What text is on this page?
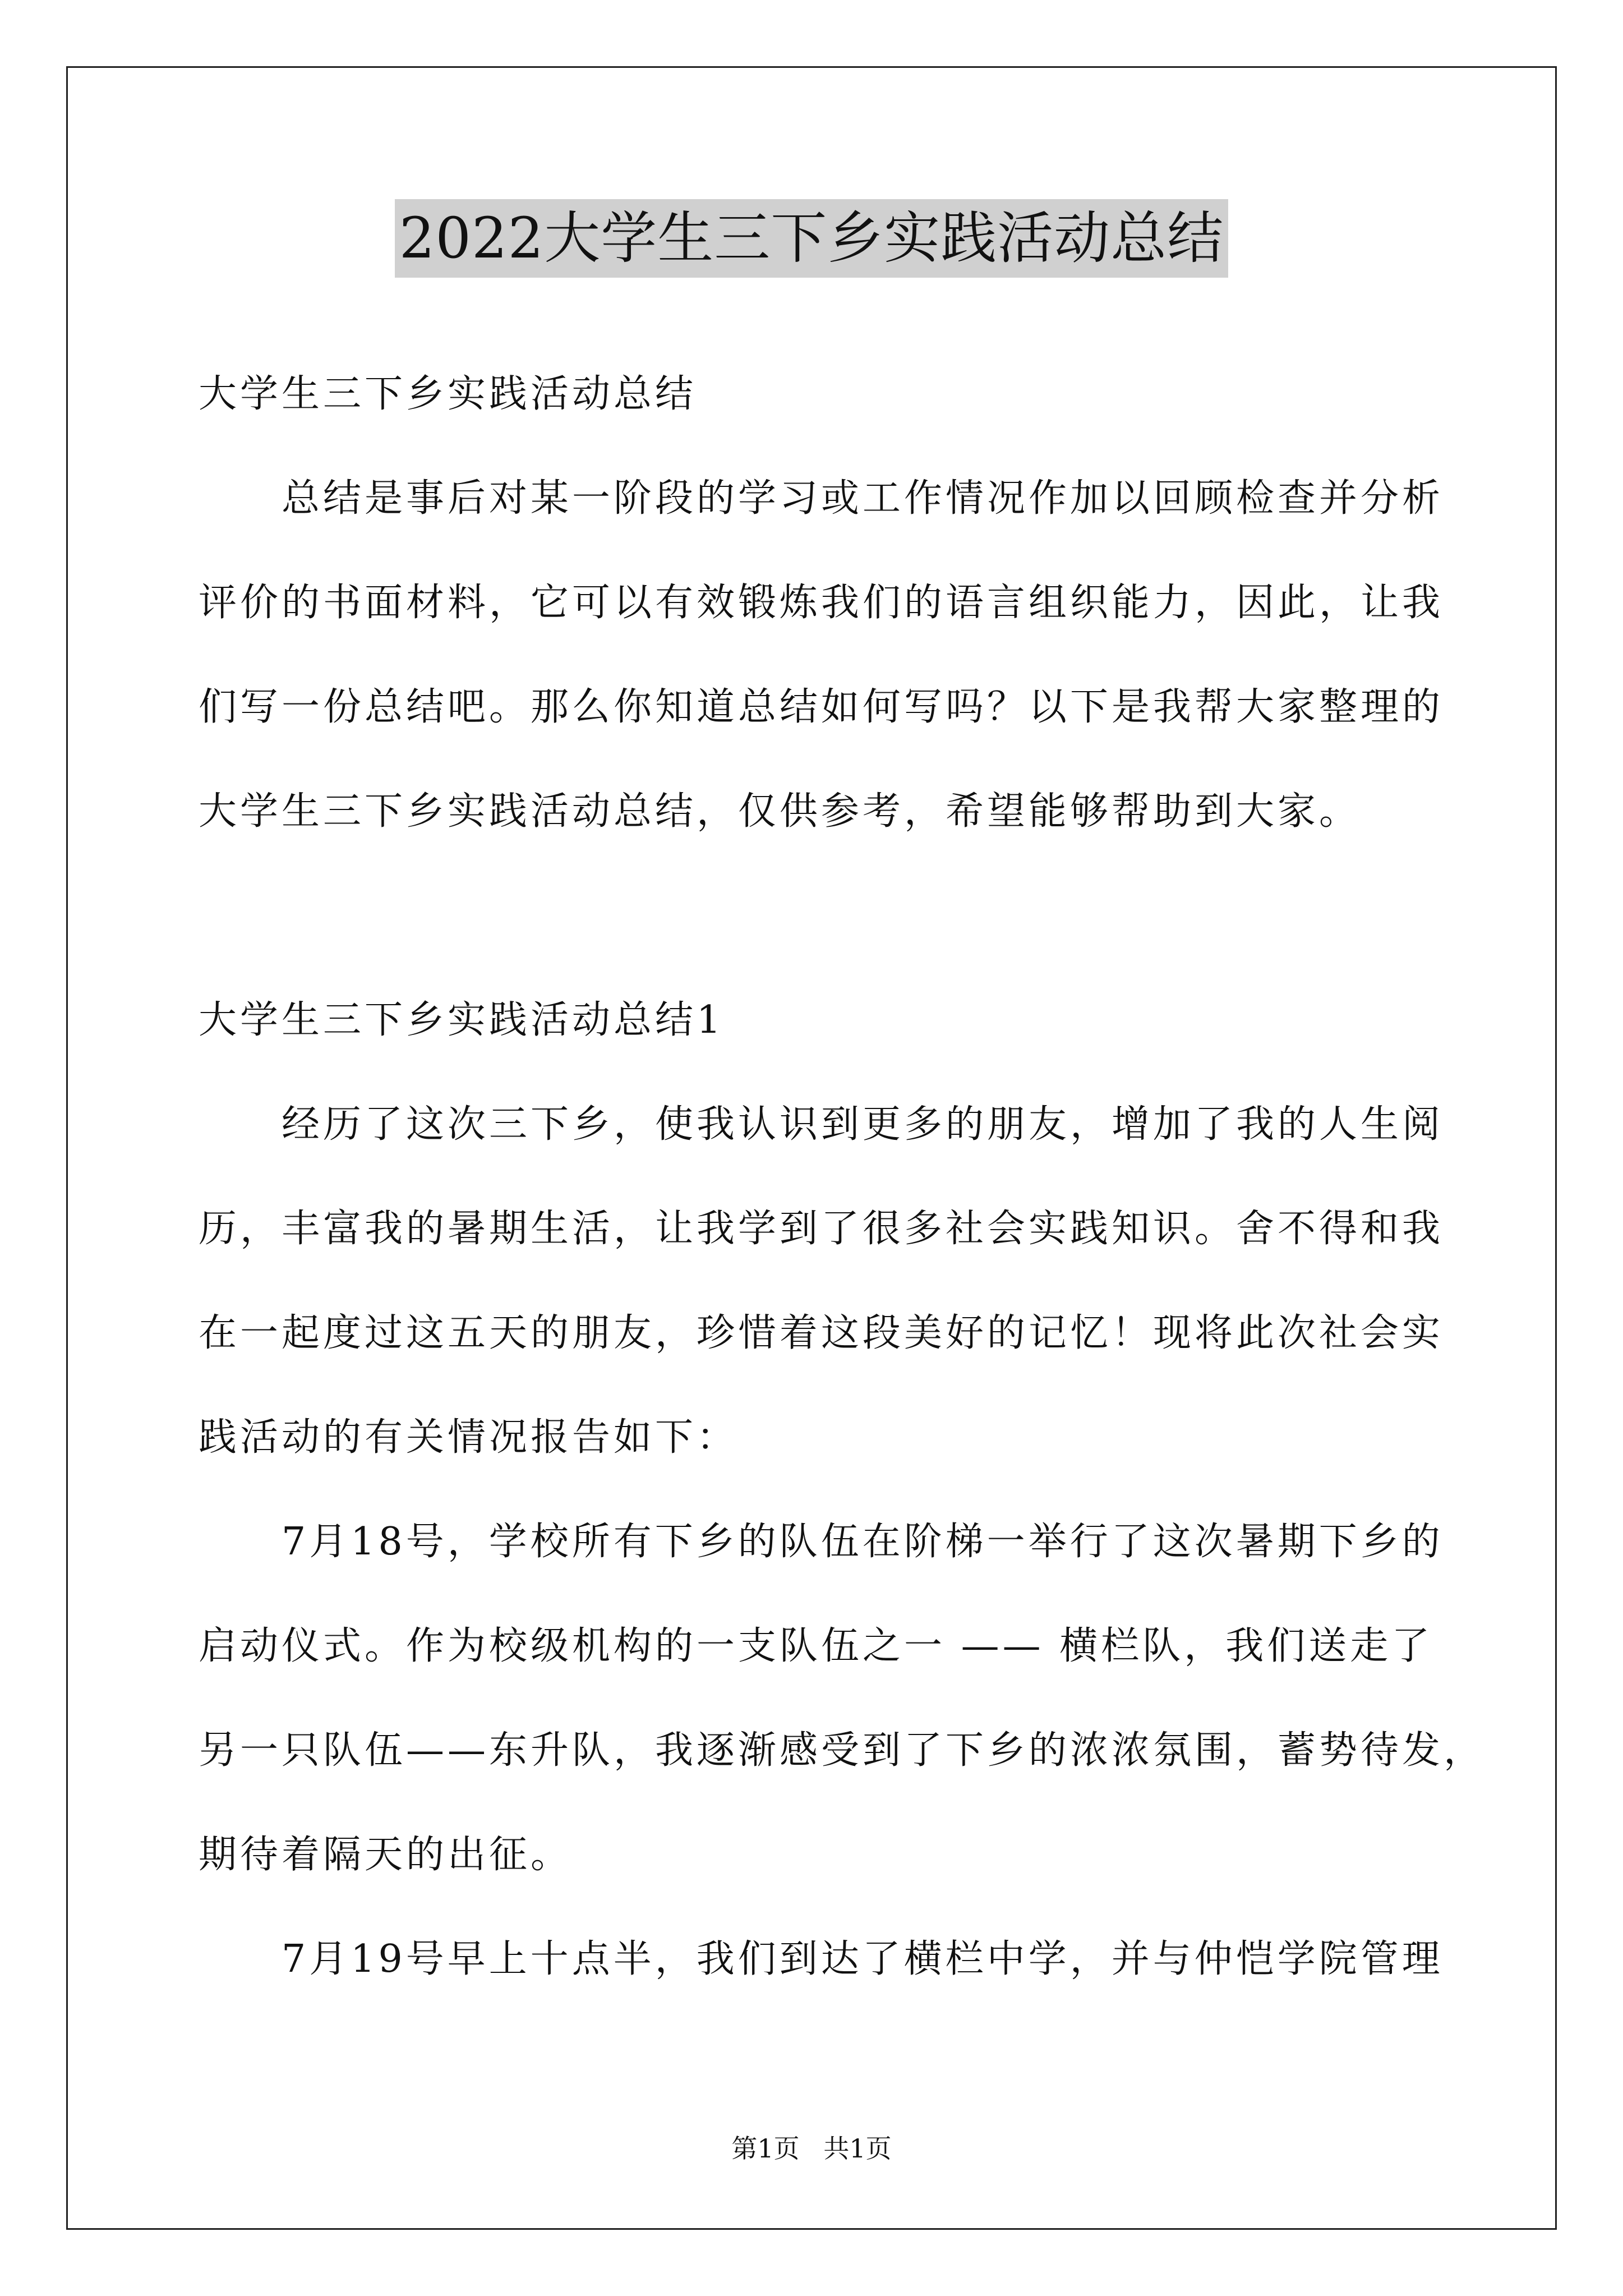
2022大学生三下乡实践活动总结
大学生三下乡实践活动总结
总结是事后对某一阶段的学习或工作情况作加以回顾检查并分析
评价的书面材料，它可以有效锻炼我们的语言组织能力，因此，让我
们写一份总结吧。那么你知道总结如何写吗？以下是我帮大家整理的
大学生三下乡实践活动总结，仅供参考，希望能够帮助到大家。
大学生三下乡实践活动总结1
经历了这次三下乡，使我认识到更多的朋友，增加了我的人生阅
历，丰富我的暑期生活，让我学到了很多社会实践知识。舍不得和我
在一起度过这五天的朋友，珍惜着这段美好的记忆！现将此次社会实
践活动的有关情况报告如下：
7月18号，学校所有下乡的队伍在阶梯一举行了这次暑期下乡的
启动仪式。作为校级机构的一支队伍之一 —— 横栏队，我们送走了
另一只队伍——东升队，我逐渐感受到了下乡的浓浓氛围，蓄势待发，
期待着隔天的出征。
7月19号早上十点半，我们到达了横栏中学，并与仲恺学院管理
第1页 共1页
